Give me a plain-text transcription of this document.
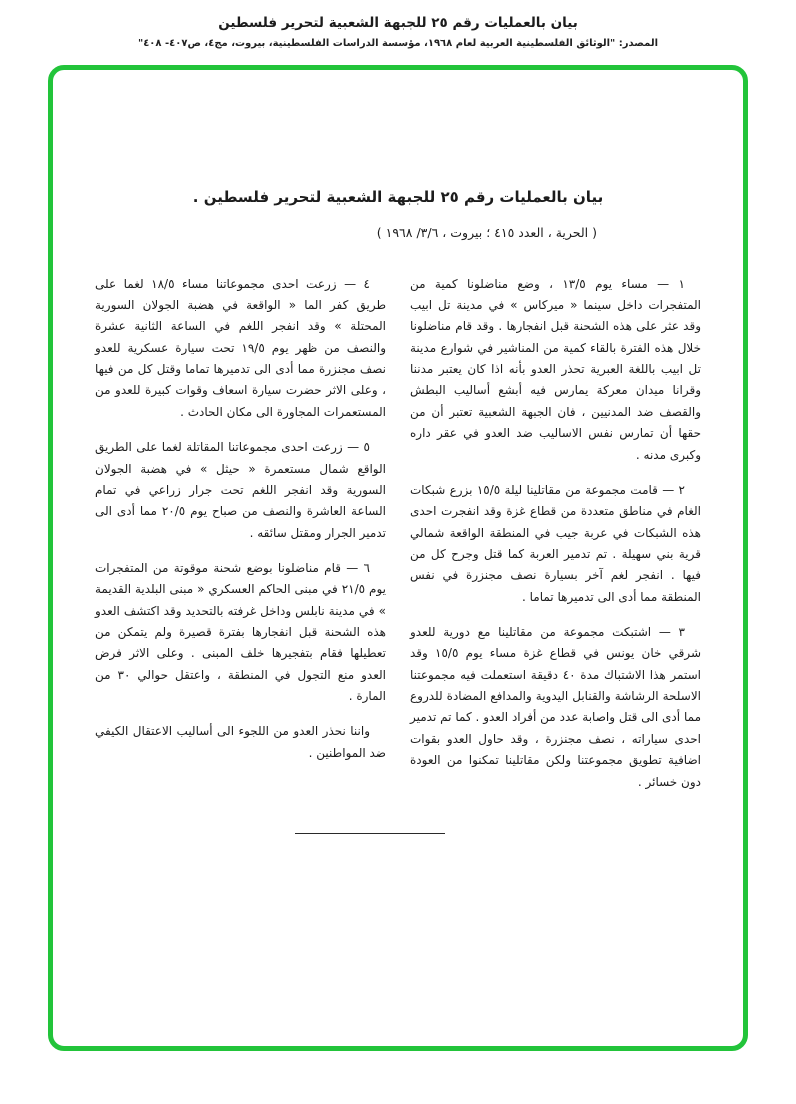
بيان بالعمليات رقم ٢٥ للجبهة الشعبية لتحرير فلسطين
المصدر: "الوثائق الفلسطينية العربية لعام ١٩٦٨، مؤسسة الدراسات الفلسطينية، بيروت، مج٤، ص٤٠٧- ٤٠٨"
بيان بالعمليات رقم ٢٥ للجبهة الشعبية لتحرير فلسطين .
( الحرية ، العدد ٤١٥ ؛ بيروت ، ٣/٦/ ١٩٦٨ )

١ — مساء يوم ١٣/٥ ، وضع مناضلونا كمية من المتفجرات داخل سينما « ميركاس » في مدينة تل ابيب وقد عثر على هذه الشحنة قبل انفجارها . وقد قام مناضلونا خلال هذه الفترة بالقاء كمية من المناشير في شوارع مدينة تل ابيب باللغة العبرية تحذر العدو بأنه اذا كان يعتبر مدننا وقرانا ميدان معركة يمارس فيه أبشع أساليب البطش والقصف ضد المدنيين ، فان الجبهة الشعبية تعتبر أن من حقها أن تمارس نفس الاساليب ضد العدو في عقر داره وكبرى مدنه .

٢ — قامت مجموعة من مقاتلينا ليلة ١٥/٥ بزرع شبكات الغام في مناطق متعددة من قطاع غزة وقد انفجرت احدى هذه الشبكات في عربة جيب في المنطقة الواقعة شمالي قرية بني سهيلة . تم تدمير العربة كما قتل وجرح كل من فيها . انفجر لغم آخر بسيارة نصف مجنزرة في نفس المنطقة مما أدى الى تدميرها تماما .

٣ — اشتبكت مجموعة من مقاتلينا مع دورية للعدو شرقي خان يونس في قطاع غزة مساء يوم ١٥/٥ وقد استمر هذا الاشتباك مدة ٤٠ دقيقة استعملت فيه مجموعتنا الاسلحة الرشاشة والقنابل اليدوية والمدافع المضادة للدروع مما أدى الى قتل واصابة عدد من أفراد العدو . كما تم تدمير احدى سياراته ، نصف مجنزرة ، وقد حاول العدو بقوات اضافية تطويق مجموعتنا ولكن مقاتلينا تمكنوا من العودة دون خسائر .

٤ — زرعت احدى مجموعاتنا مساء ١٨/٥ لغما على طريق كفر الما « الواقعة في هضبة الجولان السورية المحتلة » وقد انفجر اللغم في الساعة الثانية عشرة والنصف من ظهر يوم ١٩/٥ تحت سيارة عسكرية للعدو نصف مجنزرة مما أدى الى تدميرها تماما وقتل كل من فيها ، وعلى الاثر حضرت سيارة اسعاف وقوات كبيرة للعدو من المستعمرات المجاورة الى مكان الحادث .

٥ — زرعت احدى مجموعاتنا المقاتلة لغما على الطريق الواقع شمال مستعمرة « حيثل » في هضبة الجولان السورية وقد انفجر اللغم تحت جرار زراعي في تمام الساعة العاشرة والنصف من صباح يوم ٢٠/٥ مما أدى الى تدمير الجرار ومقتل سائقه .

٦ — قام مناضلونا بوضع شحنة موقوتة من المتفجرات يوم ٢١/٥ في مبنى الحاكم العسكري « مبنى البلدية القديمة » في مدينة نابلس وداخل غرفته بالتحديد وقد اكتشف العدو هذه الشحنة قبل انفجارها بفترة قصيرة ولم يتمكن من تعطيلها فقام بتفجيرها خلف المبنى . وعلى الاثر فرض العدو منع التجول في المنطقة ، واعتقل حوالي ٣٠ من المارة .

واننا نحذر العدو من اللجوء الى أساليب الاعتقال الكيفي ضد المواطنين .
